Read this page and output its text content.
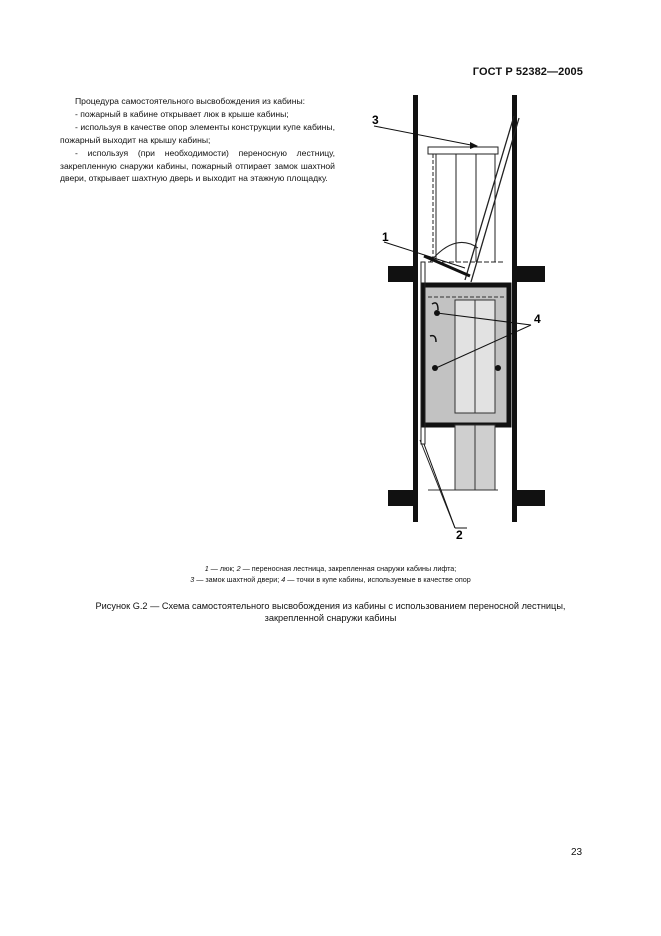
ГОСТ Р 52382—2005

Процедура самостоятельного высвобождения из кабины:

- пожарный в кабине открывает люк в крыше кабины;

- используя в качестве опор элементы конструкции купе кабины, пожарный выходит на крышу кабины;

- используя (при необходимости) переносную лестницу, закрепленную снаружи кабины, пожарный отпирает замок шахтной двери, открывает шахтную дверь и выходит на этажную площадку.

3
1
4
2
1 — люк; 2 — переносная лестница, закрепленная снаружи кабины лифта;
3 — замок шахтной двери; 4 — точки в купе кабины, используемые в качестве опор
Рисунок G.2 — Схема самостоятельного высвобождения из кабины с использованием переносной лестницы,
закрепленной снаружи кабины
23
